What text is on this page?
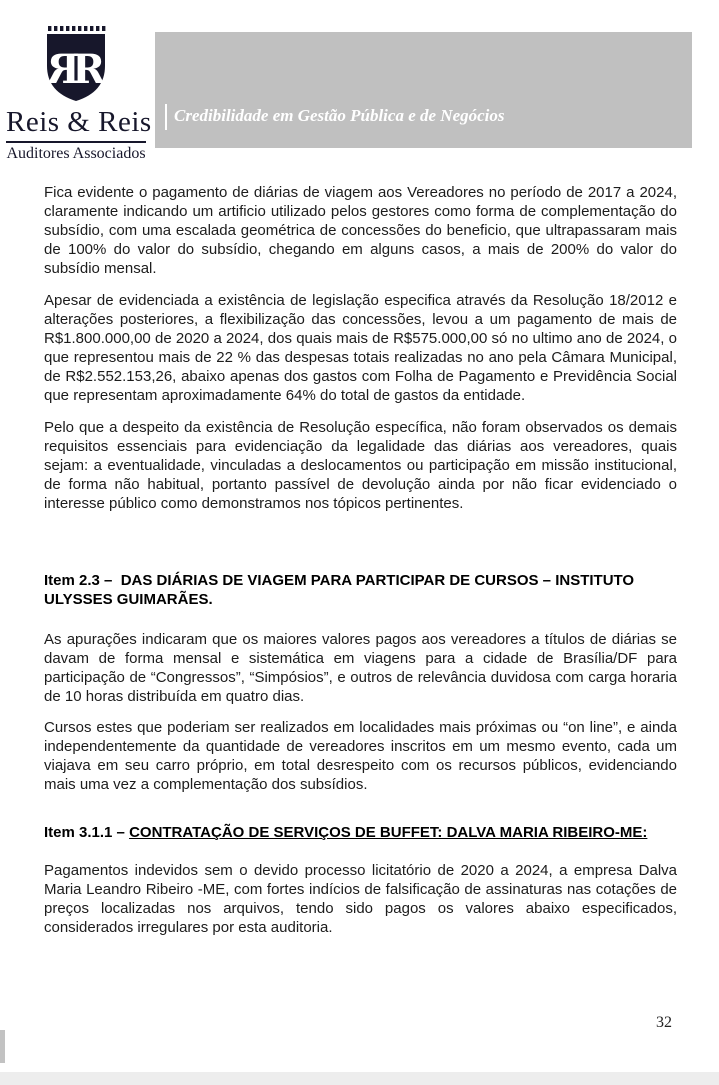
R
R
Reis & Reis
Auditores Associados
Credibilidade em Gestão Pública e de Negócios

Fica evidente o pagamento de diárias de viagem aos Vereadores no período de 2017 a 2024, claramente indicando um artificio utilizado pelos gestores como forma de complementação do subsídio, com uma escalada geométrica de concessões do beneficio, que ultrapassaram mais de 100% do valor do subsídio, chegando em alguns casos, a mais de 200% do valor do subsídio mensal.

Apesar de evidenciada a existência de legislação especifica através da Resolução 18/2012 e alterações posteriores, a flexibilização das concessões, levou a um pagamento de mais de R$1.800.000,00 de 2020 a 2024, dos quais mais de R$575.000,00 só no ultimo ano de 2024, o que representou mais de 22 % das despesas totais realizadas no ano pela Câmara Municipal, de R$2.552.153,26, abaixo apenas dos gastos com Folha de Pagamento e Previdência Social que representam aproximadamente 64% do total de gastos da entidade.

Pelo que a despeito da existência de Resolução específica, não foram observados os demais requisitos essenciais para evidenciação da legalidade das diárias aos vereadores, quais sejam: a eventualidade, vinculadas a deslocamentos ou participação em missão institucional, de forma não habitual, portanto passível de devolução ainda por não ficar evidenciado o interesse público como demonstramos nos tópicos pertinentes.

Item 2.3 –  DAS DIÁRIAS DE VIAGEM PARA PARTICIPAR DE CURSOS – INSTITUTO ULYSSES GUIMARÃES.

As apurações indicaram que os maiores valores pagos aos vereadores a títulos de diárias se davam de forma mensal e sistemática em viagens para a cidade de Brasília/DF para participação de “Congressos”, “Simpósios”, e outros de relevância duvidosa com carga horaria de 10 horas distribuída em quatro dias.

Cursos estes que poderiam ser realizados em localidades mais próximas ou “on line”, e ainda independentemente da quantidade de vereadores inscritos em um mesmo evento, cada um viajava em seu carro próprio, em total desrespeito com os recursos públicos, evidenciando mais uma vez a complementação dos subsídios.

Item 3.1.1 – CONTRATAÇÃO DE SERVIÇOS DE BUFFET: DALVA MARIA RIBEIRO-ME:

Pagamentos indevidos sem o devido processo licitatório de 2020 a 2024, a empresa Dalva Maria Leandro Ribeiro -ME, com fortes indícios de falsificação de assinaturas nas cotações de preços localizadas nos arquivos, tendo sido pagos os valores abaixo especificados, considerados irregulares por esta auditoria.

32
